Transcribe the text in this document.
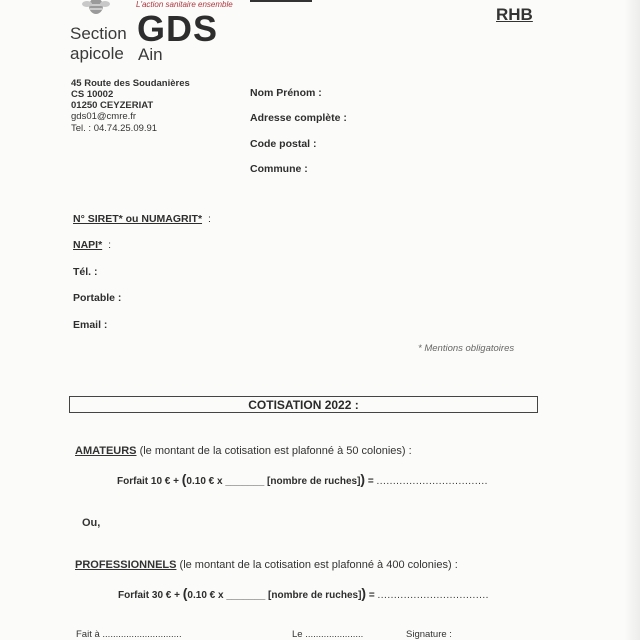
L'action sanitaire ensemble
Section
apicole
GDS
Ain
RHB
45 Route des Soudanières
CS 10002
01250 CEYZERIAT
gds01@cmre.fr
Tel. : 04.74.25.09.91
Nom Prénom :
Adresse complète :
Code postal :
Commune :
N° SIRET* ou NUMAGRIT* :
NAPI* :
Tél. :
Portable :
Email :
* Mentions obligatoires
COTISATION 2022 :
AMATEURS (le montant de la cotisation est plafonné à 50 colonies) :
Forfait 10 € + (0.10 € x _______ [nombre de ruches]) = ..................................
Ou,
PROFESSIONNELS (le montant de la cotisation est plafonné à 400 colonies) :
Forfait 30 € + (0.10 € x _______ [nombre de ruches]) = ..................................
Fait à ..............................	Le ......................	Signature :
